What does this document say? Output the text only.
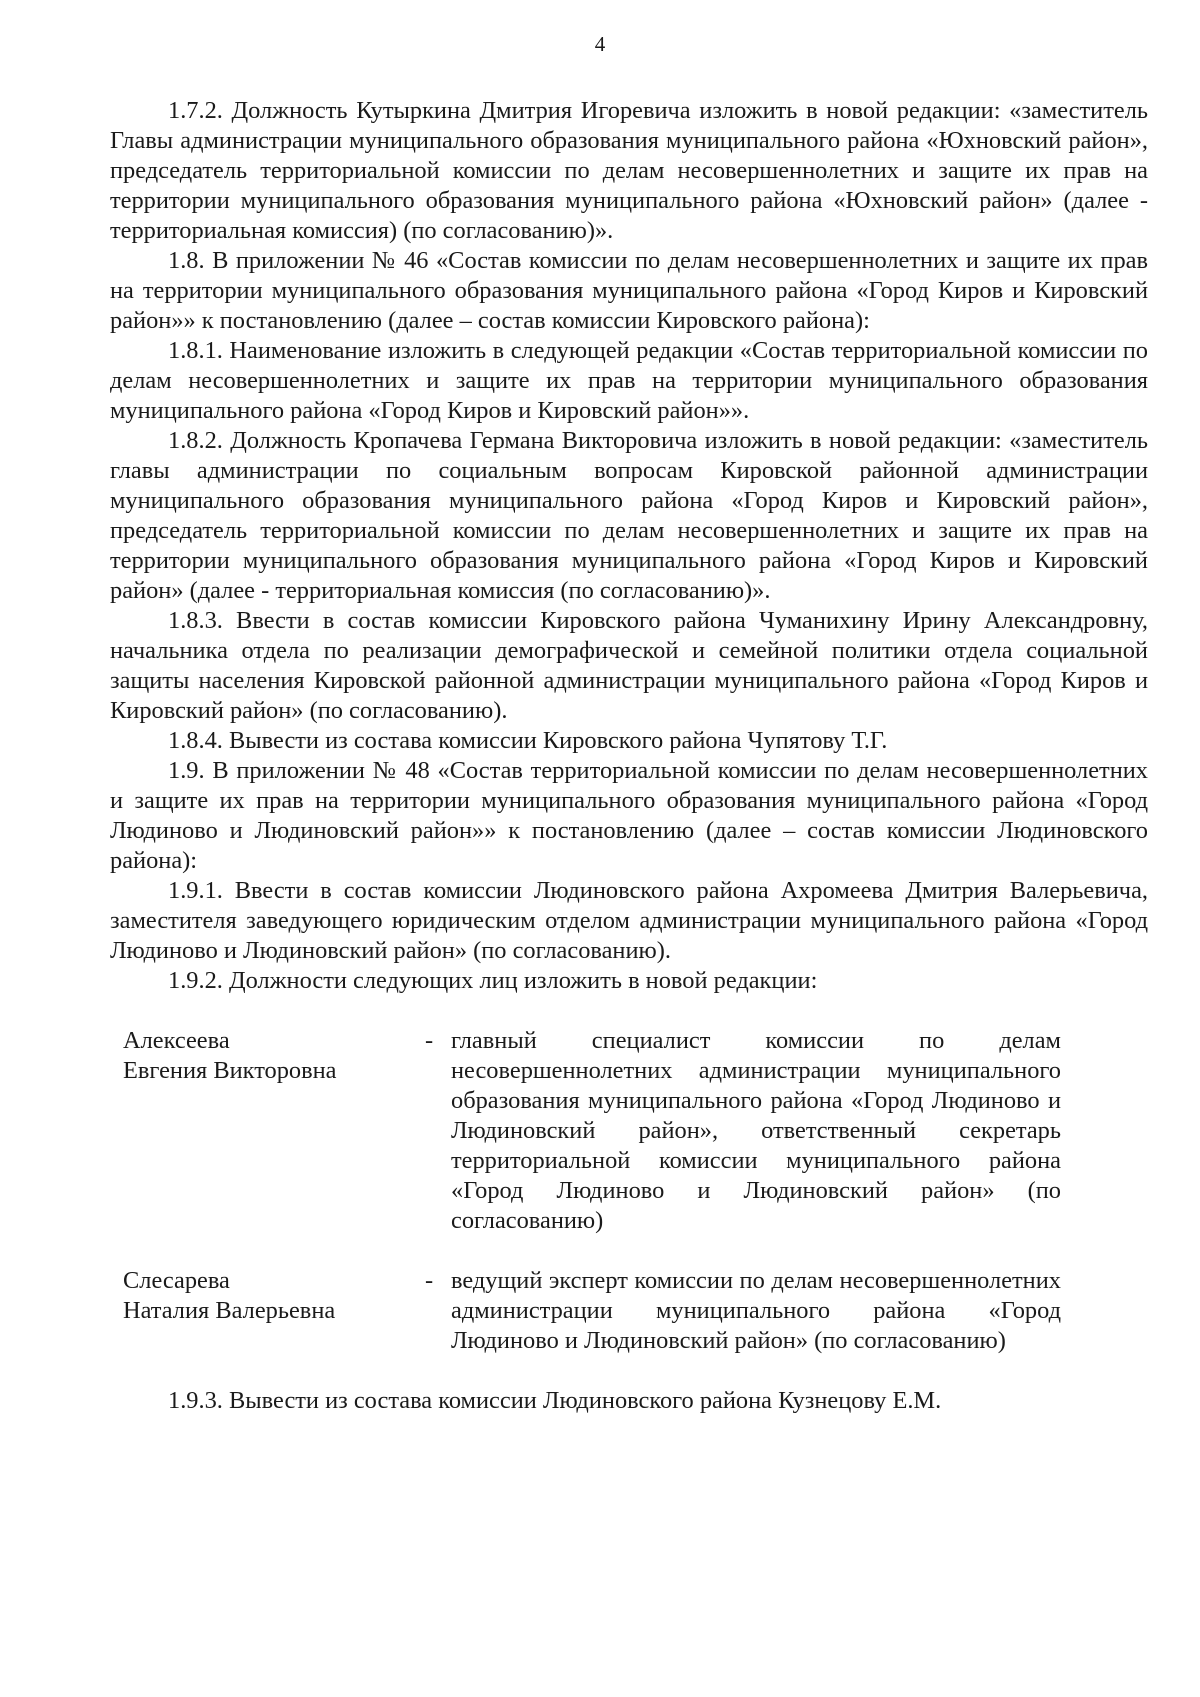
4

1.7.2. Должность Кутыркина Дмитрия Игоревича изложить в новой редакции: «заместитель Главы администрации муниципального образования муниципального района «Юхновский район», председатель территориальной комиссии по делам несовершеннолетних и защите их прав на территории муниципального образования муниципального района «Юхновский район» (далее - территориальная комиссия) (по согласованию)».

1.8. В приложении № 46 «Состав комиссии по делам несовершеннолетних и защите их прав на территории муниципального образования муниципального района «Город Киров и Кировский район»» к постановлению (далее – состав комиссии Кировского района):

1.8.1. Наименование изложить в следующей редакции «Состав территориальной комиссии по делам несовершеннолетних и защите их прав на территории муниципального образования муниципального района «Город Киров и Кировский район»».

1.8.2. Должность Кропачева Германа Викторовича изложить в новой редакции: «заместитель главы администрации по социальным вопросам Кировской районной администрации муниципального образования муниципального района «Город Киров и Кировский район», председатель территориальной комиссии по делам несовершеннолетних и защите их прав на территории муниципального образования муниципального района «Город Киров и Кировский район» (далее - территориальная комиссия (по согласованию)».

1.8.3. Ввести в состав комиссии Кировского района Чуманихину Ирину Александровну, начальника отдела по реализации демографической и семейной политики отдела социальной защиты населения Кировской районной администрации муниципального района «Город Киров и Кировский район» (по согласованию).

1.8.4. Вывести из состава комиссии Кировского района Чупятову Т.Г.

1.9. В приложении № 48 «Состав территориальной комиссии по делам несовершеннолетних и защите их прав на территории муниципального образования муниципального района «Город Людиново и Людиновский район»» к постановлению (далее – состав комиссии Людиновского района):

1.9.1. Ввести в состав комиссии Людиновского района Ахромеева Дмитрия Валерьевича, заместителя заведующего юридическим отделом администрации муниципального района «Город Людиново и Людиновский район» (по согласованию).

1.9.2. Должности следующих лиц изложить в новой редакции:

Алексеева
Евгения Викторовна
- главный специалист комиссии по делам несовершеннолетних администрации муниципального образования муниципального района «Город Людиново и Людиновский район», ответственный секретарь территориальной комиссии муниципального района «Город Людиново и Людиновский район» (по согласованию)
Слесарева
Наталия Валерьевна
- ведущий эксперт комиссии по делам несовершеннолетних администрации муниципального района «Город Людиново и Людиновский район» (по согласованию)

1.9.3. Вывести из состава комиссии Людиновского района Кузнецову Е.М.
